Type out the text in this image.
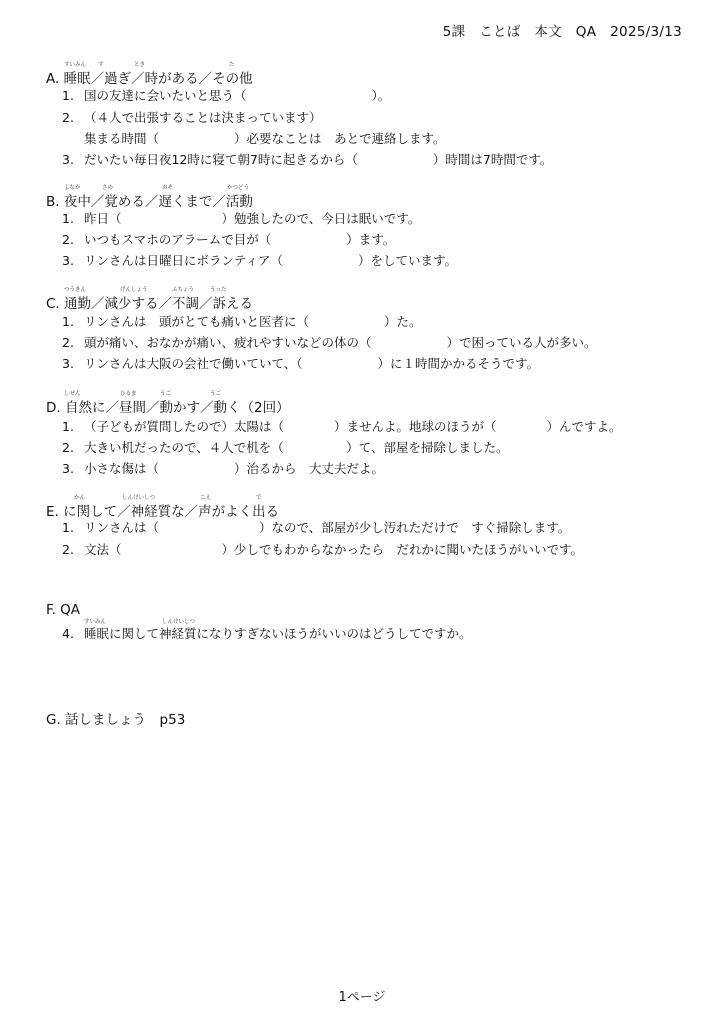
5課　ことば　本文　QA　2025/3/13
すいみん す	とき	た
A. 睡眠／過ぎ／時がある／その他
1. 国の友達に会いたいと思う（　　　　　　　　　　）。
2. （４人で出張することは決まっています）
集まる時間（　　　　　　）必要なことは　あとで連絡します。
3. だいたい毎日夜12時に寝て朝7時に起きるから（　　　　　　）時間は7時間です。
よなか	さめ	おそ	かつどう
B. 夜中／覚める／遅くまで／活動
1. 昨日（　　　　　　　　）勉強したので、今日は眠いです。
2. いつもスマホのアラームで目が（　　　　　　）ます。
3. リンさんは日曜日にボランティア（　　　　　　）をしています。
つうきん	げんしょう	ふちょう	うった
C. 通勤／減少する／不調／訴える
1. リンさんは　頭がとても痛いと医者に（　　　　　　）た。
2. 頭が痛い、おなかが痛い、疲れやすいなどの体の（　　　　　　）で困っている人が多い。
3. リンさんは大阪の会社で働いていて、（　　　　　　）に１時間かかるそうです。
しぜん	ひるま	うご	うご
D. 自然に／昼間／動かす／動く（2回）
1. （子どもが質問したので）太陽は（　　　　）ませんよ。地球のほうが（　　　　）んですよ。
2. 大きい机だったので、４人で机を（　　　　　）て、部屋を掃除しました。
3. 小さな傷は（　　　　　　）治るから　大丈夫だよ。
かん	しんけいしつ	こえ	で
E. に関して／神経質な／声がよく出る
1. リンさんは（　　　　　　　　）なので、部屋が少し汚れただけで　すぐ掃除します。
2. 文法（　　　　　　　　）少しでもわからなかったら　だれかに聞いたほうがいいです。
F. QA
すいみん	しんけいしつ
4. 睡眠に関して神経質になりすぎないほうがいいのはどうしてですか。
G. 話しましょう　p53
1ページ
